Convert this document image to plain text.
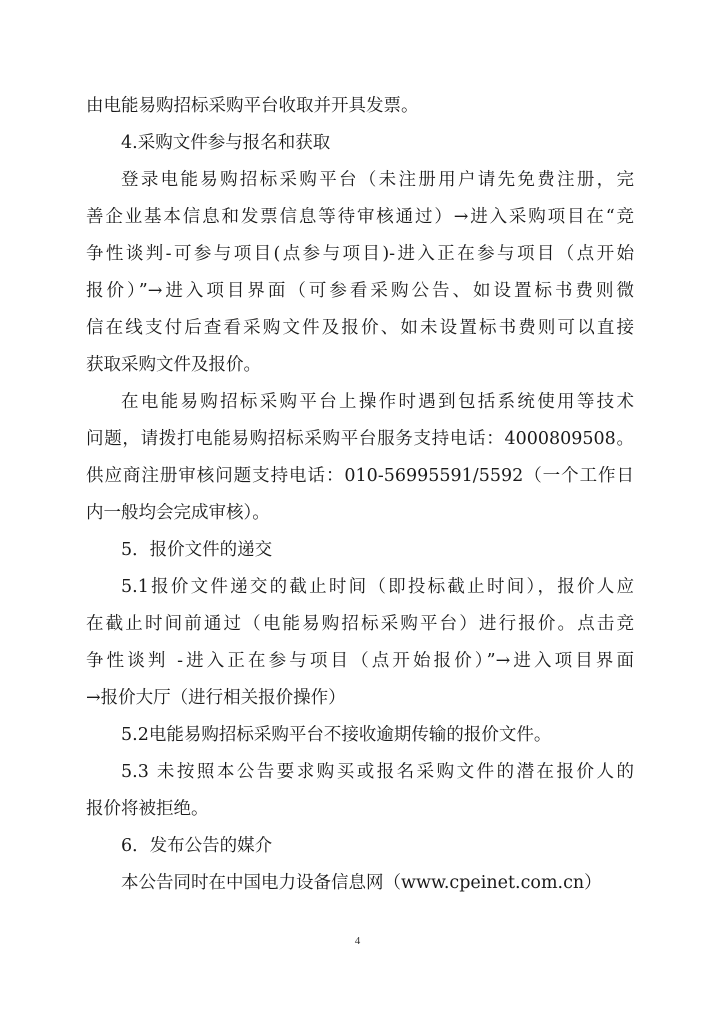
由电能易购招标采购平台收取并开具发票。
4.采购文件参与报名和获取
登录电能易购招标采购平台（未注册用户请先免费注册，完
善企业基本信息和发票信息等待审核通过）→进入采购项目在“竞
争性谈判-可参与项目(点参与项目)-进入正在参与项目（点开始
报价）”→进入项目界面（可参看采购公告、如设置标书费则微
信在线支付后查看采购文件及报价、如未设置标书费则可以直接
获取采购文件及报价。
在电能易购招标采购平台上操作时遇到包括系统使用等技术
问题，请拨打电能易购招标采购平台服务支持电话：4000809508。
供应商注册审核问题支持电话：010-56995591/5592（一个工作日
内一般均会完成审核）。
5．报价文件的递交
5.1报价文件递交的截止时间（即投标截止时间），报价人应
在截止时间前通过（电能易购招标采购平台）进行报价。点击竞
争性谈判 -进入正在参与项目（点开始报价）”→进入项目界面
→报价大厅（进行相关报价操作）
5.2电能易购招标采购平台不接收逾期传输的报价文件。
5.3 未按照本公告要求购买或报名采购文件的潜在报价人的
报价将被拒绝。
6．发布公告的媒介
本公告同时在中国电力设备信息网（www.cpeinet.com.cn）
4
